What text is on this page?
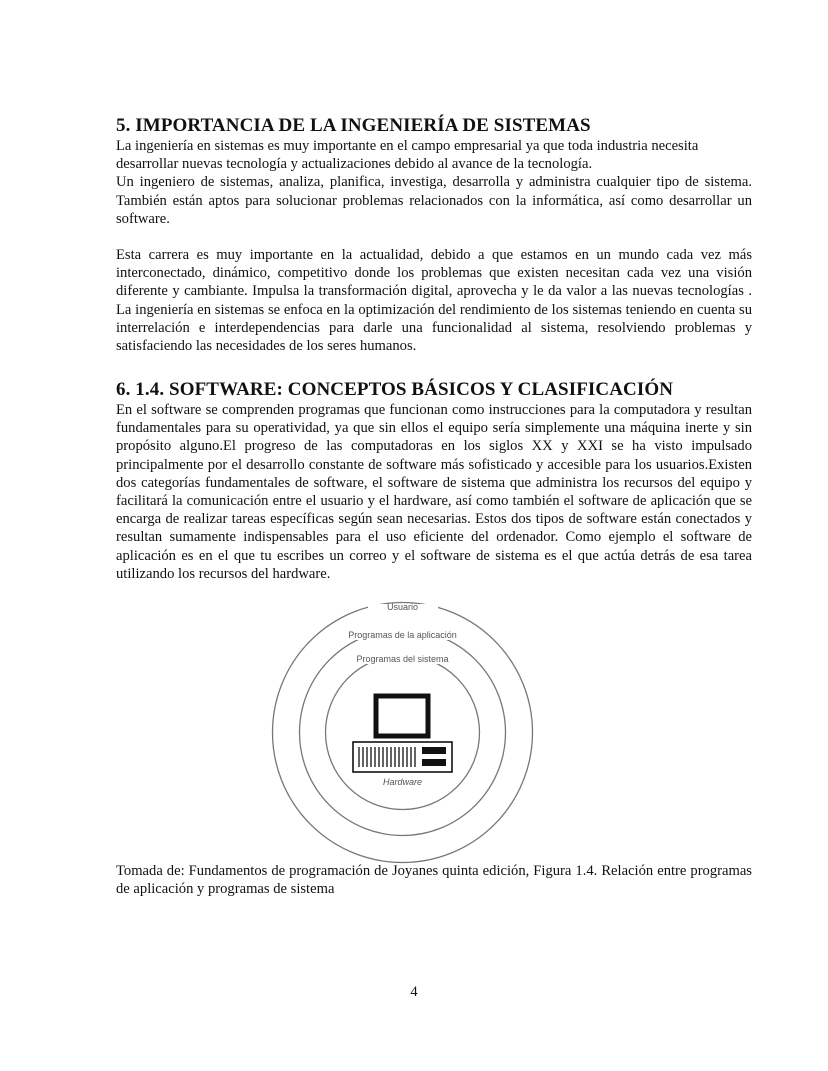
5. IMPORTANCIA DE LA INGENIERÍA DE SISTEMAS

La ingeniería en sistemas es muy importante en el campo empresarial ya que toda industria necesita desarrollar nuevas tecnología y actualizaciones debido al avance de la tecnología.

Un ingeniero de sistemas, analiza, planifica, investiga, desarrolla y administra cualquier tipo de sistema. También están aptos para solucionar problemas relacionados con la informática, así como desarrollar un software.

Esta carrera es muy importante en la actualidad, debido a que estamos en un mundo cada vez más interconectado, dinámico, competitivo donde los problemas que existen necesitan cada vez una visión diferente y cambiante. Impulsa la transformación digital, aprovecha y le da valor a las nuevas tecnologías . La ingeniería en sistemas se enfoca en la optimización del rendimiento de los sistemas teniendo en cuenta su interrelación e interdependencias para darle una funcionalidad al sistema, resolviendo problemas y satisfaciendo las necesidades de los seres humanos.

6. 1.4. SOFTWARE: CONCEPTOS BÁSICOS Y CLASIFICACIÓN

En el software se comprenden programas que funcionan como instrucciones para la computadora y resultan fundamentales para su operatividad, ya que sin ellos el equipo sería simplemente una máquina inerte y sin propósito alguno.El progreso de las computadoras en los siglos XX y XXI se ha visto impulsado principalmente por el desarrollo constante de software más sofisticado y accesible para los usuarios.Existen dos categorías fundamentales de software, el software de sistema que administra los recursos del equipo y facilitará la comunicación entre el usuario y el hardware, así como también el software de aplicación que se encarga de realizar tareas específicas según sean necesarias. Estos dos tipos de software están conectados y resultan sumamente indispensables para el uso eficiente del ordenador. Como ejemplo el software de aplicación es en el que tu escribes un correo y el software de sistema es el que actúa detrás de esa tarea utilizando los recursos del hardware.

Usuario
Programas de la aplicación
Programas del sistema
Hardware

Tomada de: Fundamentos de programación de Joyanes quinta edición, Figura 1.4. Relación entre programas de aplicación y programas de sistema

4
